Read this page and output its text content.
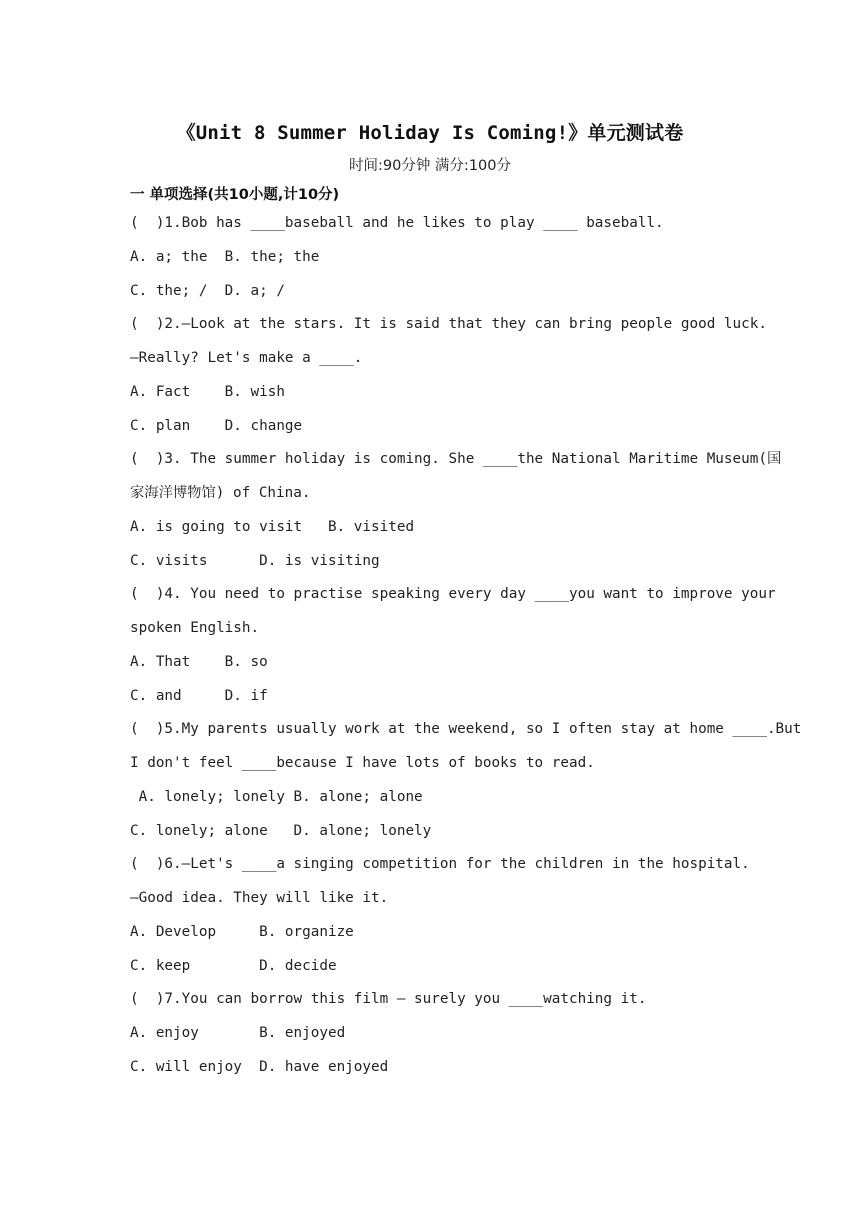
《Unit 8 Summer Holiday Is Coming!》单元测试卷
时间:90分钟 满分:100分
一 单项选择(共10小题,计10分)
(  )1.Bob has ____baseball and he likes to play ____ baseball.
A. a; the  B. the; the
C. the; /  D. a; /
(  )2.—Look at the stars. It is said that they can bring people good luck.
—Really? Let's make a ____.
A. Fact    B. wish
C. plan    D. change
(  )3. The summer holiday is coming. She ____the National Maritime Museum(国
家海洋博物馆) of China.
A. is going to visit   B. visited
C. visits      D. is visiting
(  )4. You need to practise speaking every day ____you want to improve your
spoken English.
A. That    B. so
C. and     D. if
(  )5.My parents usually work at the weekend, so I often stay at home ____.But
I don't feel ____because I have lots of books to read.
A. lonely; lonely B. alone; alone
C. lonely; alone   D. alone; lonely
(  )6.—Let's ____a singing competition for the children in the hospital.
—Good idea. They will like it.
A. Develop     B. organize
C. keep        D. decide
(  )7.You can borrow this film — surely you ____watching it.
A. enjoy       B. enjoyed
C. will enjoy  D. have enjoyed
